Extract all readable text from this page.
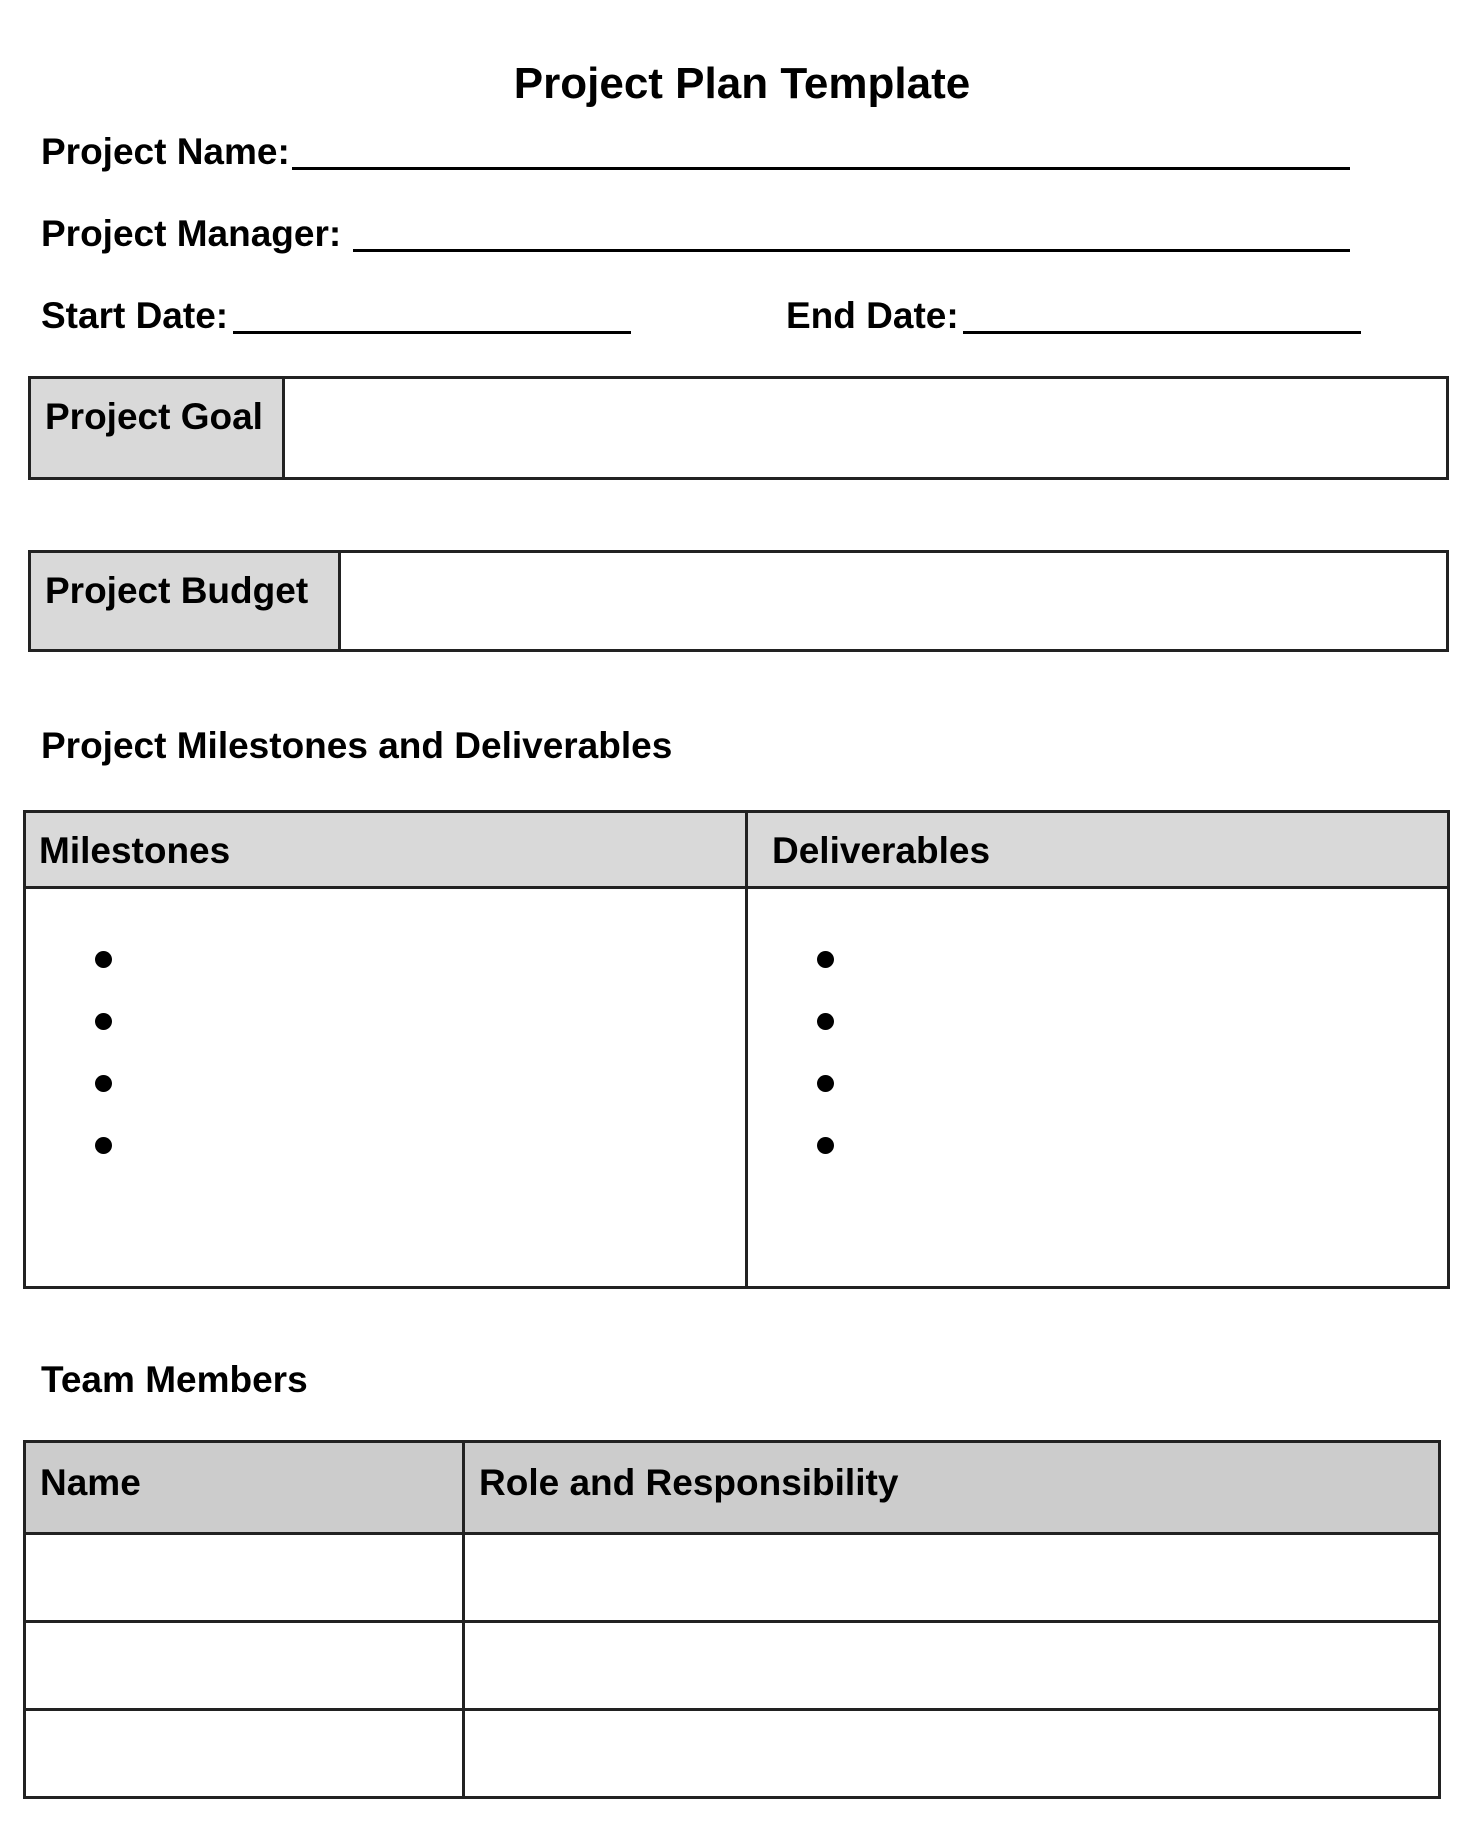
Project Plan Template
Project Name:
Project Manager:
Start Date:	End Date:
Project Goal
Project Budget
Project Milestones and Deliverables
Milestones	Deliverables

Team Members
Name	Role and Responsibility
